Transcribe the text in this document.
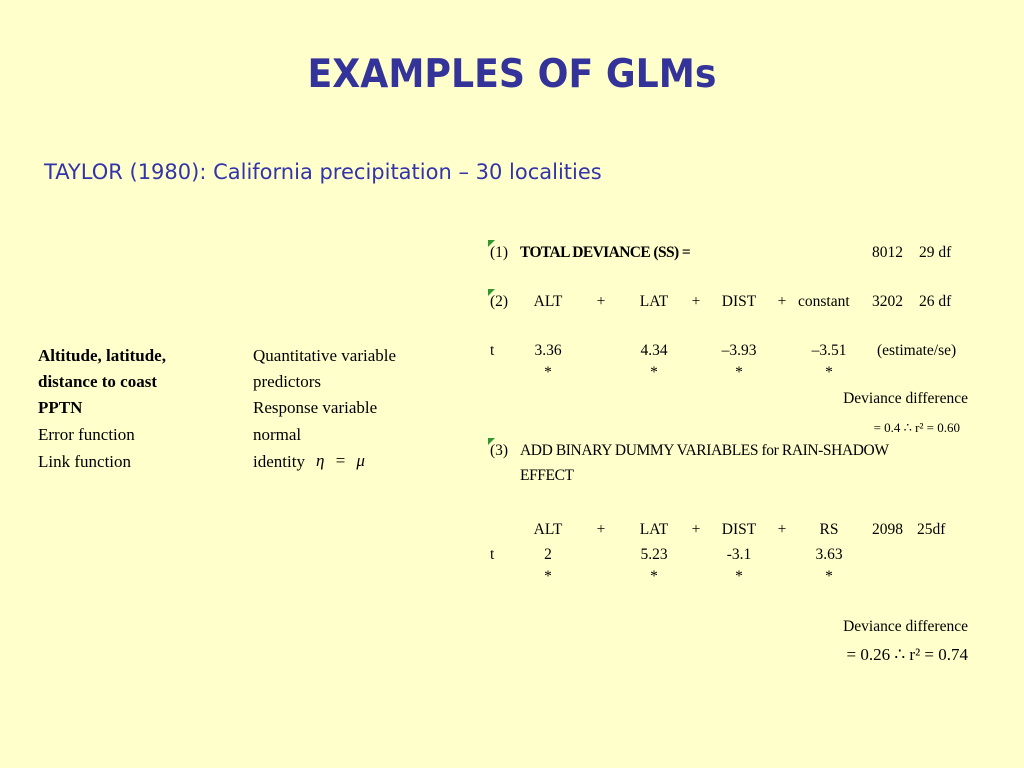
EXAMPLES OF GLMs
TAYLOR (1980): California precipitation – 30 localities
Altitude, latitude,	Quantitative variable
distance to coast	predictors
PPTN	Response variable
Error function	normal
Link function	identity η = μ
(1) TOTAL DEVIANCE (SS) =	8012 29 df
(2)	ALT	+	LAT	+	DIST	+ constant 3202 26 df
t	3.36	4.34	–3.93	–3.51	(estimate/se)
*	*	*	*
Deviance difference
= 0.4 ∴ r² = 0.60
(3) ADD BINARY DUMMY VARIABLES for RAIN-SHADOW
EFFECT
ALT	+	LAT	+	DIST	+	RS	2098 25df
t	2	5.23	-3.1	3.63
*	*	*	*
Deviance difference
= 0.26 ∴ r² = 0.74
